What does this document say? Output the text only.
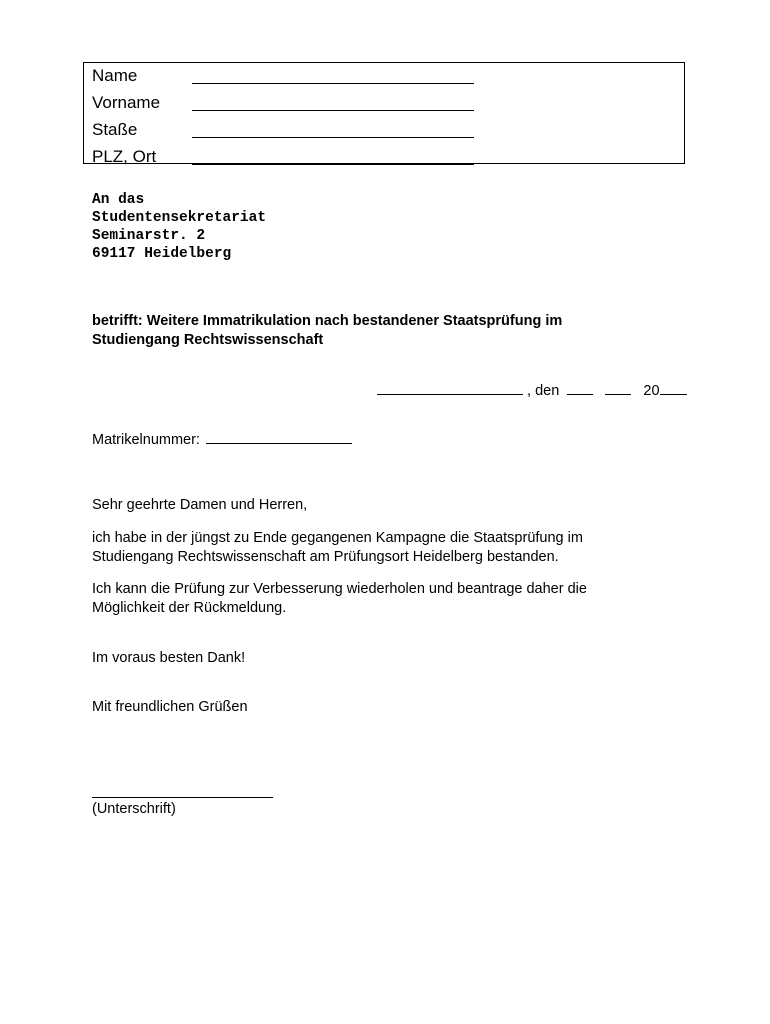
Name
Vorname
Staße
PLZ, Ort
An das
Studentensekretariat
Seminarstr. 2
69117 Heidelberg
betrifft: Weitere Immatrikulation nach bestandener Staatsprüfung im
Studiengang Rechtswissenschaft
, den	20
Matrikelnummer:
Sehr geehrte Damen und Herren,
ich habe in der jüngst zu Ende gegangenen Kampagne die Staatsprüfung im
Studiengang Rechtswissenschaft am Prüfungsort Heidelberg bestanden.
Ich kann die Prüfung zur Verbesserung wiederholen und beantrage daher die
Möglichkeit der Rückmeldung.
Im voraus besten Dank!
Mit freundlichen Grüßen
(Unterschrift)
